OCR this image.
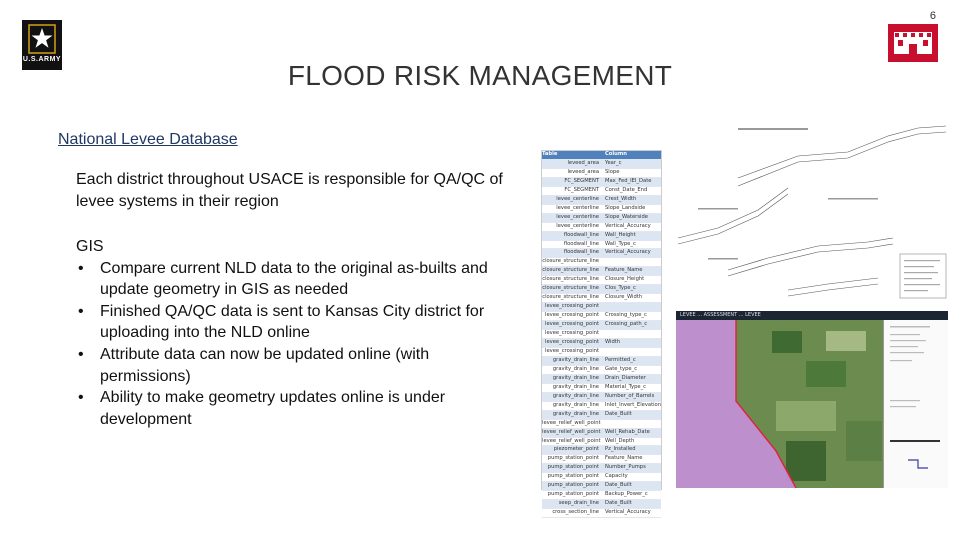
6
U.S.ARMY
FLOOD RISK MANAGEMENT
National Levee Database
Each district throughout USACE is responsible for QA/QC of levee systems in their region
GIS
• Compare current NLD data to the original as-builts and update geometry in GIS as needed
• Finished QA/QC data is sent to Kansas City district for uploading into the NLD online
• Attribute data can now be updated online (with permissions)
• Ability to make geometry updates online is under development
Table	Column
leveed_area	Year_c
leveed_area	Slope
FC_SEGMENT	Max_Fed_IEI_Date
FC_SEGMENT	Const_Date_End
levee_centerline	Crest_Width
levee_centerline	Slope_Landside
levee_centerline	Slope_Waterside
levee_centerline	Vertical_Accuracy
floodwall_line	Wall_Height
floodwall_line	Wall_Type_c
floodwall_line	Vertical_Accuracy
closure_structure_line
closure_structure_line	Feature_Name
closure_structure_line	Closure_Height
closure_structure_line	Clos_Type_c
closure_structure_line	Closure_Width
levee_crossing_point
levee_crossing_point	Crossing_type_c
levee_crossing_point	Crossing_path_c
levee_crossing_point
levee_crossing_point	Width
levee_crossing_point
gravity_drain_line	Permitted_c
gravity_drain_line	Gate_type_c
gravity_drain_line	Drain_Diameter
gravity_drain_line	Material_Type_c
gravity_drain_line	Number_of_Barrels
gravity_drain_line	Inlet_Invert_Elevation
gravity_drain_line	Date_Built
levee_relief_well_point
levee_relief_well_point Well_Rehab_Date
levee_relief_well_point Well_Depth
piezometer_point	Pz_Installed
pump_station_point	Feature_Name
pump_station_point	Number_Pumps
pump_station_point	Capacity
pump_station_point	Date_Built
pump_station_point	Backup_Power_c
seep_drain_line	Date_Built
cross_section_line	Vertical_Accuracy
LEVEE ... ASSESSMENT ... LEVEE
